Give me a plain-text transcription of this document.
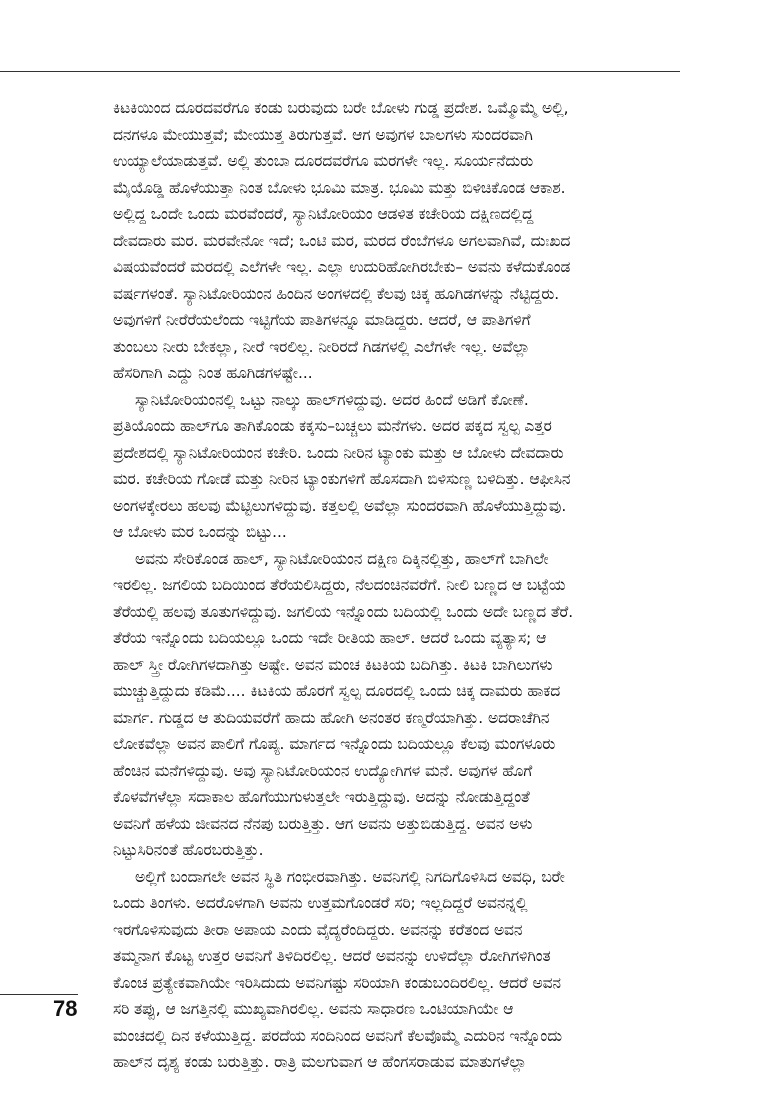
ಕಿಟಕಿಯಿಂದ ದೂರದವರೆಗೂ ಕಂಡು ಬರುವುದು ಬರೇ ಬೋಳು ಗುಡ್ಡ ಪ್ರದೇಶ. ಒಮ್ಮೊಮ್ಮೆ ಅಲ್ಲಿ,
ದನಗಳೂ ಮೇಯುತ್ತವೆ; ಮೇಯುತ್ತ ತಿರುಗುತ್ತವೆ. ಆಗ ಅವುಗಳ ಬಾಲಗಳು ಸುಂದರವಾಗಿ
ಉಯ್ಯಾಲೆಯಾಡುತ್ತವೆ. ಅಲ್ಲಿ ತುಂಬಾ ದೂರದವರೆಗೂ ಮರಗಳೇ ಇಲ್ಲ. ಸೂರ್ಯನೆದುರು
ಮೈಯೊಡ್ಡಿ ಹೊಳೆಯುತ್ತಾ ನಿಂತ ಬೋಳು ಭೂಮಿ ಮಾತ್ರ. ಭೂಮಿ ಮತ್ತು ಬಿಳಿಚಿಕೊಂಡ ಆಕಾಶ.
ಅಲ್ಲಿದ್ದ ಒಂದೇ ಒಂದು ಮರವೆಂದರೆ, ಸ್ಯಾನಿಟೋರಿಯಂ ಆಡಳಿತ ಕಚೇರಿಯ ದಕ್ಷಿಣದಲ್ಲಿದ್ದ
ದೇವದಾರು ಮರ. ಮರವೇನೋ ಇದೆ; ಒಂಟಿ ಮರ, ಮರದ ರೆಂಬೆಗಳೂ ಅಗಲವಾಗಿವೆ, ದುಃಖದ
ವಿಷಯವೆಂದರೆ ಮರದಲ್ಲಿ ಎಲೆಗಳೇ ಇಲ್ಲ. ಎಲ್ಲಾ ಉದುರಿಹೋಗಿರಬೇಕು– ಅವನು ಕಳೆದುಕೊಂಡ
ವರ್ಷಗಳಂತೆ. ಸ್ಯಾನಿಟೋರಿಯಂನ ಹಿಂದಿನ ಅಂಗಳದಲ್ಲಿ ಕೆಲವು ಚಿಕ್ಕ ಹೂಗಿಡಗಳನ್ನು ನೆಟ್ಟಿದ್ದರು.
ಅವುಗಳಿಗೆ ನೀರೆರೆಯಲೆಂದು ಇಟ್ಟಿಗೆಯ ಪಾತಿಗಳನ್ನೂ ಮಾಡಿದ್ದರು. ಆದರೆ, ಆ ಪಾತಿಗಳಿಗೆ
ತುಂಬಲು ನೀರು ಬೇಕಲ್ಲಾ, ನೀರೆ ಇರಲಿಲ್ಲ. ನೀರಿರದೆ ಗಿಡಗಳಲ್ಲಿ ಎಲೆಗಳೇ ಇಲ್ಲ. ಅವೆಲ್ಲಾ
ಹೆಸರಿಗಾಗಿ ಎದ್ದು ನಿಂತ ಹೂಗಿಡಗಳಷ್ಟೇ...
ಸ್ಯಾನಿಟೋರಿಯಂನಲ್ಲಿ ಒಟ್ಟು ನಾಲ್ಕು ಹಾಲ್‌ಗಳಿದ್ದುವು. ಅದರ ಹಿಂದೆ ಅಡಿಗೆ ಕೋಣೆ.
ಪ್ರತಿಯೊಂದು ಹಾಲ್‌ಗೂ ತಾಗಿಕೊಂಡು ಕಕ್ಕಸು–ಬಚ್ಚಲು ಮನೆಗಳು. ಅದರ ಪಕ್ಕದ ಸ್ವಲ್ಪ ಎತ್ತರ
ಪ್ರದೇಶದಲ್ಲಿ ಸ್ಯಾನಿಟೋರಿಯಂನ ಕಚೇರಿ. ಒಂದು ನೀರಿನ ಟ್ಯಾಂಕು ಮತ್ತು ಆ ಬೋಳು ದೇವದಾರು
ಮರ. ಕಚೇರಿಯ ಗೋಡೆ ಮತ್ತು ನೀರಿನ ಟ್ಯಾಂಕುಗಳಿಗೆ ಹೊಸದಾಗಿ ಬಿಳಿಸುಣ್ಣ ಬಳಿದಿತ್ತು. ಆಫೀಸಿನ
ಅಂಗಳಕ್ಕೇರಲು ಹಲವು ಮೆಟ್ಟಿಲುಗಳಿದ್ದುವು. ಕತ್ತಲಲ್ಲಿ ಅವೆಲ್ಲಾ ಸುಂದರವಾಗಿ ಹೊಳೆಯುತ್ತಿದ್ದುವು.
ಆ ಬೋಳು ಮರ ಒಂದನ್ನು ಬಿಟ್ಟು...
ಅವನು ಸೇರಿಕೊಂಡ ಹಾಲ್, ಸ್ಯಾನಿಟೋರಿಯಂನ ದಕ್ಷಿಣ ದಿಕ್ಕಿನಲ್ಲಿತ್ತು, ಹಾಲ್‌ಗೆ ಬಾಗಿಲೇ
ಇರಲಿಲ್ಲ. ಜಗಲಿಯ ಬದಿಯಿಂದ ತೆರೆಯಲಿಸಿದ್ದರು, ನೆಲದಂಚಿನವರೆಗೆ. ನೀಲಿ ಬಣ್ಣದ ಆ ಬಟ್ಟೆಯ
ತೆರೆಯಲ್ಲಿ ಹಲವು ತೂತುಗಳಿದ್ದುವು. ಜಗಲಿಯ ಇನ್ನೊಂದು ಬದಿಯಲ್ಲಿ ಒಂದು ಅದೇ ಬಣ್ಣದ ತೆರೆ.
ತೆರೆಯ ಇನ್ನೊಂದು ಬದಿಯಲ್ಲೂ ಒಂದು ಇದೇ ರೀತಿಯ ಹಾಲ್. ಆದರೆ ಒಂದು ವ್ಯತ್ಯಾಸ; ಆ
ಹಾಲ್ ಸ್ತ್ರೀ ರೋಗಿಗಳದಾಗಿತ್ತು ಅಷ್ಟೇ. ಅವನ ಮಂಚ ಕಿಟಕಿಯ ಬದಿಗಿತ್ತು. ಕಿಟಕಿ ಬಾಗಿಲುಗಳು
ಮುಚ್ಚುತ್ತಿದ್ದುದು ಕಡಿಮೆ.... ಕಿಟಕಿಯ ಹೊರಗೆ ಸ್ವಲ್ಪ ದೂರದಲ್ಲಿ ಒಂದು ಚಿಕ್ಕ ದಾಮರು ಹಾಕದ
ಮಾರ್ಗ. ಗುಡ್ಡದ ಆ ತುದಿಯವರೆಗೆ ಹಾದು ಹೋಗಿ ಅನಂತರ ಕಣ್ಮರೆಯಾಗಿತ್ತು. ಅದರಾಚೆಗಿನ
ಲೋಕವೆಲ್ಲಾ ಅವನ ಪಾಲಿಗೆ ಗೊಪ್ಯ. ಮಾರ್ಗದ ಇನ್ನೊಂದು ಬದಿಯಲ್ಲೂ ಕೆಲವು ಮಂಗಳೂರು
ಹೆಂಚಿನ ಮನೆಗಳಿದ್ದುವು. ಅವು ಸ್ಯಾನಿಟೋರಿಯಂನ ಉದ್ಯೋಗಿಗಳ ಮನೆ. ಅವುಗಳ ಹೊಗೆ
ಕೊಳವೆಗಳೆಲ್ಲಾ ಸದಾಕಾಲ ಹೊಗೆಯುಗುಳುತ್ತಲೇ ಇರುತ್ತಿದ್ದುವು. ಅದನ್ನು ನೋಡುತ್ತಿದ್ದಂತೆ
ಅವನಿಗೆ ಹಳೆಯ ಜೀವನದ ನೆನಪು ಬರುತ್ತಿತ್ತು. ಆಗ ಅವನು ಅತ್ತುಬಿಡುತ್ತಿದ್ದ. ಅವನ ಅಳು
ನಿಟ್ಟುಸಿರಿನಂತೆ ಹೊರಬರುತ್ತಿತ್ತು.
ಅಲ್ಲಿಗೆ ಬಂದಾಗಲೇ ಅವನ ಸ್ಥಿತಿ ಗಂಭೀರವಾಗಿತ್ತು. ಅವನಿಗಲ್ಲಿ ನಿಗದಿಗೊಳಿಸಿದ ಅವಧಿ, ಬರೇ
ಒಂದು ತಿಂಗಳು. ಅದರೊಳಗಾಗಿ ಅವನು ಉತ್ತಮಗೊಂಡರೆ ಸರಿ; ಇಲ್ಲದಿದ್ದರೆ ಅವನನ್ನಲ್ಲಿ
ಇರಗೊಳಿಸುವುದು ತೀರಾ ಅಪಾಯ ಎಂದು ವೈದ್ಯರೆಂದಿದ್ದರು. ಅವನನ್ನು ಕರೆತಂದ ಅವನ
ತಮ್ಮನಾಗ ಕೊಟ್ಟ ಉತ್ತರ ಅವನಿಗೆ ತಿಳಿದಿರಲಿಲ್ಲ. ಆದರೆ ಅವನನ್ನು ಉಳಿದೆಲ್ಲಾ ರೋಗಿಗಳಿಗಿಂತ
ಕೊಂಚ ಪ್ರತ್ಯೇಕವಾಗಿಯೇ ಇರಿಸಿದುದು ಅವನಿಗಷ್ಟು ಸರಿಯಾಗಿ ಕಂಡುಬಂದಿರಲಿಲ್ಲ. ಆದರೆ ಅವನ
ಸರಿ ತಪ್ಪು, ಆ ಜಗತ್ತಿನಲ್ಲಿ ಮುಖ್ಯವಾಗಿರಲಿಲ್ಲ. ಅವನು ಸಾಧಾರಣ ಒಂಟಿಯಾಗಿಯೇ ಆ
ಮಂಚದಲ್ಲಿ ದಿನ ಕಳೆಯುತ್ತಿದ್ದ. ಪರದೆಯ ಸಂದಿನಿಂದ ಅವನಿಗೆ ಕೆಲವೊಮ್ಮೆ ಎದುರಿನ ಇನ್ನೊಂದು
ಹಾಲ್‌ನ ದೃಶ್ಯ ಕಂಡು ಬರುತ್ತಿತ್ತು. ರಾತ್ರಿ ಮಲಗುವಾಗ ಆ ಹೆಂಗಸರಾಡುವ ಮಾತುಗಳೆಲ್ಲಾ
78
